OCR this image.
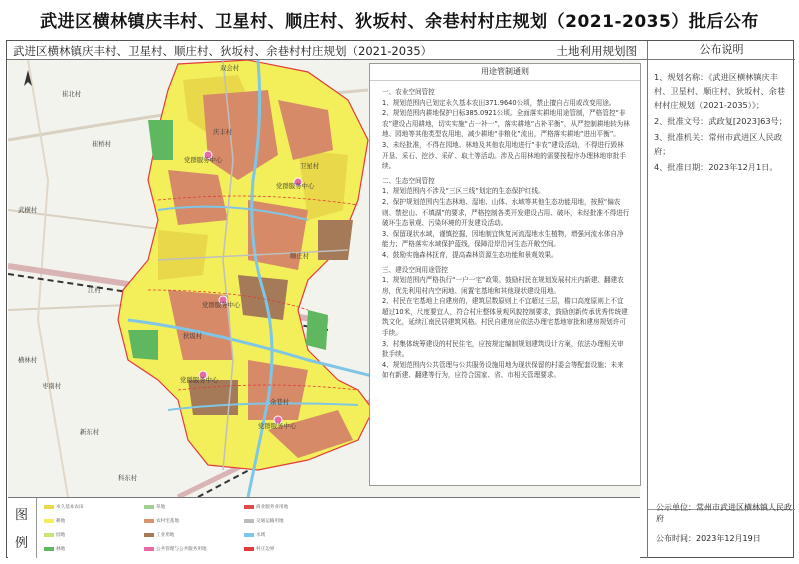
武进区横林镇庆丰村、卫星村、顺庄村、狄坂村、余巷村村庄规划（2021-2035）批后公布
武进区横林镇庆丰村、卫星村、顺庄村、狄坂村、余巷村村庄规划（2021-2035）	土地利用规划图
双会村
崔北村
崔桥村
武横村
江村
横林村
枣南村
新东村
庆丰村
卫星村
顺庄村
狄坂村
余巷村
科东村
党群服务中心
党群服务中心
党群服务中心
党群服务中心
党群服务中心
用途管制通则

一、农业空间管控

1、规划范围内已划定永久基本农田371.9640公顷，禁止擅自占用或改变用途。

2、规划范围内耕地保护目标385.0921公顷。全面落实耕地用途管制，严格管控“非农”建设占用耕地，切实实施“占一补一”，落实耕地“占补平衡”，从严控制耕地转为林地、园地等其他类型农用地，减少耕地“非粮化”流出，严格落实耕地“进出平衡”。

3、未经批准，不得在园地、林地及其他农用地进行“非农”建设活动，不得进行毁林开垦、采石、挖沙、采矿、取土等活动。涉及占用林地的需要按程序办理林地审批手续。

二、生态空间管控

1、规划范围内不涉及“三区三线”划定的生态保护红线。

2、保护规划范围内生态林地、湿地、山体、水域等其他生态功能用地，按照“偏农则、禁挖山、不填湖”的要求，严格控制各类开发建设占用、破坏，未经批准不得进行破坏生态景观、污染环境的开发建设活动。

3、保留现状水域，谨慎挖掘，因地制宜恢复河流湿地水生植物，增强河流水体自净能力；严格落实水域保护蓝线，保障沿岸沿河生态开敞空间。

4、鼓励实施森林抚育，提高森林资源生态功能和景观效果。

三、建设空间用途管控

1、规划范围内严格执行“一户一宅”政策。鼓励村民在规划发展村庄内新建、翻建农房，优先利用村内空闲地、闲置宅基地和其他现状建设用地。

2、村民在宅基地上自建房的，建筑层数原则上不宜超过三层，檐口高度原则上不宜超过10米，尺度要宜人，符合村庄整体景观风貌控制要求，鼓励创新传承优秀传统建筑文化，延续江南民居建筑风格。村民自建房应依法办理宅基地审批和建房规划许可手续。

3、村集体统筹建设的村民住宅，应按规定编制规划建筑设计方案，依法办理相关审批手续。

4、规划范围内公共管理与公共服务设施用地为现状保留的村委会等配套设施；未来如有新建、翻建等行为，应符合国家、省、市相关管理要求。

图
例
永久基本农田
耕地
园地
林地
草地
农村宅基地
工业用地
公共管理与公共服务用地
商业服务业用地
交通运输用地
水域
村庄边界
公布说明

1、规划名称：《武进区横林镇庆丰村、卫星村、顺庄村、狄坂村、余巷村村庄规划（2021-2035）》；

2、批准文号：武政复[2023]63号；

3、批准机关：常州市武进区人民政府；

4、批准日期：2023年12月1日。

公示单位：常州市武进区横林镇人民政府
公布时间：2023年12月19日
